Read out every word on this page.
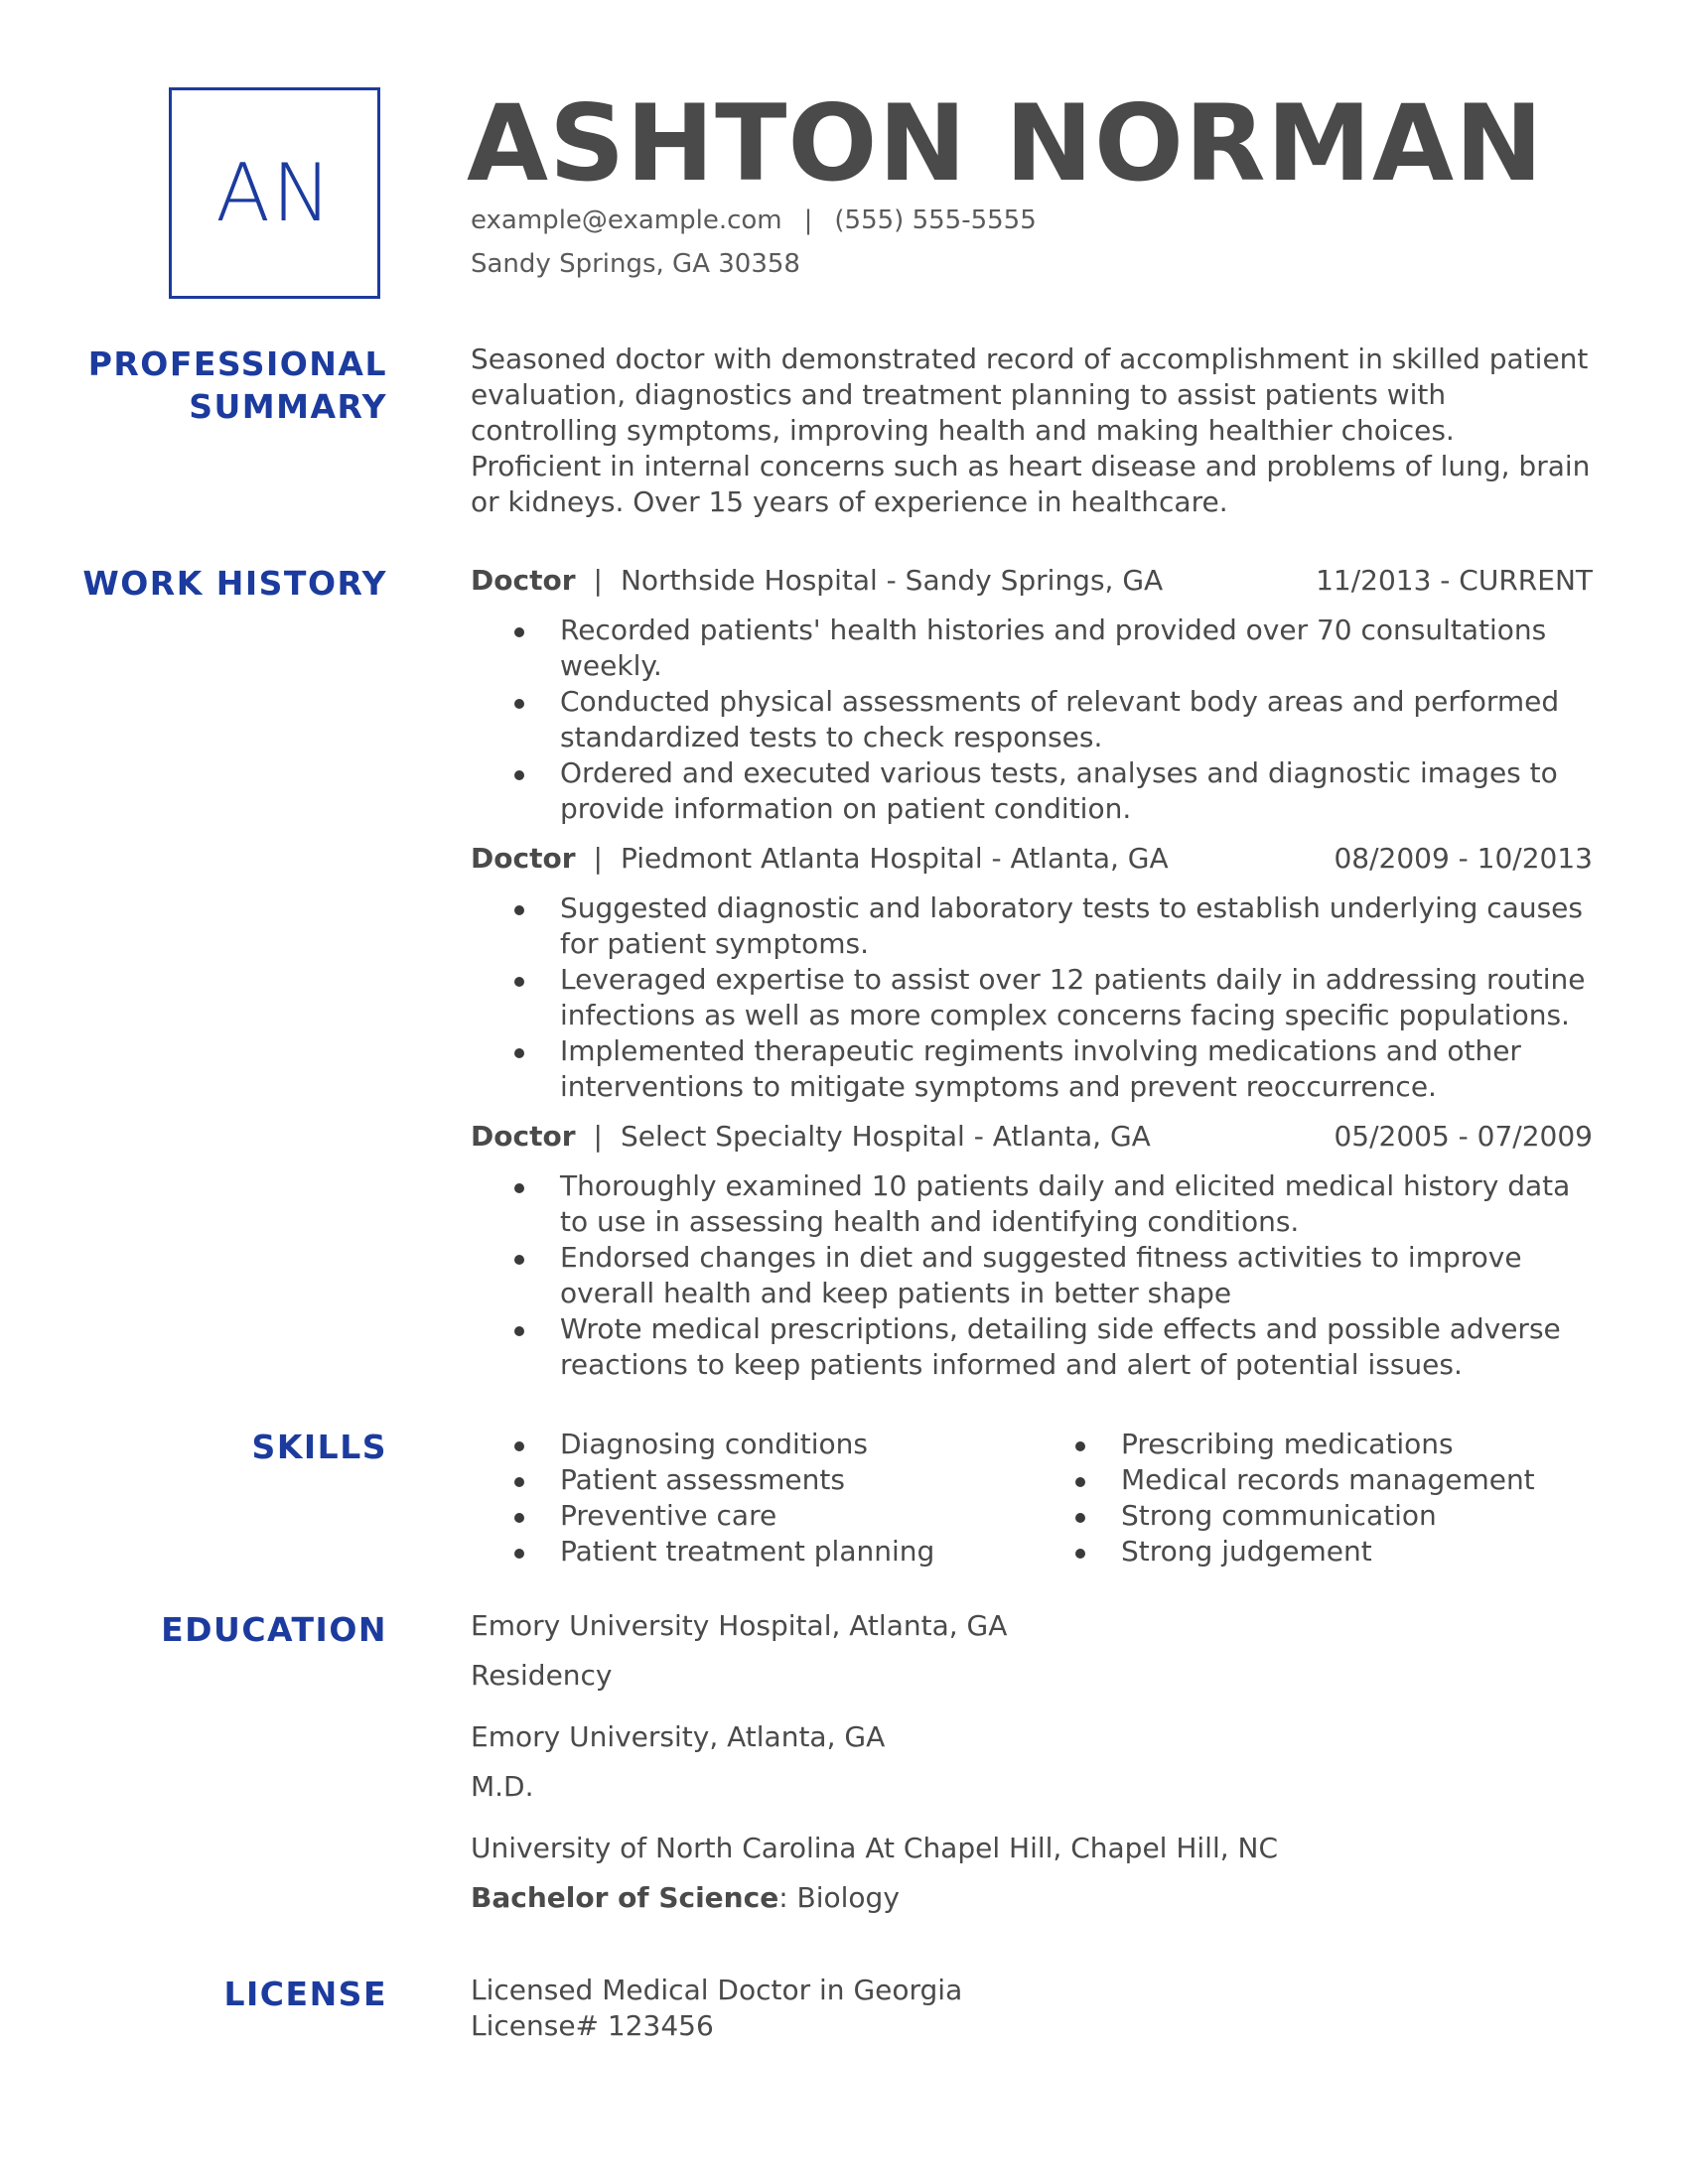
AN ASHTON NORMAN
example@example.com | (555) 555-5555
Sandy Springs, GA 30358
PROFESSIONAL
SUMMARY

Seasoned doctor with demonstrated record of accomplishment in skilled patient evaluation, diagnostics and treatment planning to assist patients with controlling symptoms, improving health and making healthier choices. Proficient in internal concerns such as heart disease and problems of lung, brain or kidneys. Over 15 years of experience in healthcare.

WORK HISTORY	Doctor | Northside Hospital - Sandy Springs, GA	11/2013 - CURRENT
Recorded patients' health histories and provided over 70 consultations weekly.
Conducted physical assessments of relevant body areas and performed standardized tests to check responses.
Ordered and executed various tests, analyses and diagnostic images to provide information on patient condition.
Doctor | Piedmont Atlanta Hospital - Atlanta, GA	08/2009 - 10/2013
Suggested diagnostic and laboratory tests to establish underlying causes for patient symptoms.
Leveraged expertise to assist over 12 patients daily in addressing routine infections as well as more complex concerns facing specific populations.
Implemented therapeutic regiments involving medications and other interventions to mitigate symptoms and prevent reoccurrence.
Doctor | Select Specialty Hospital - Atlanta, GA	05/2005 - 07/2009
Thoroughly examined 10 patients daily and elicited medical history data to use in assessing health and identifying conditions.
Endorsed changes in diet and suggested fitness activities to improve overall health and keep patients in better shape
Wrote medical prescriptions, detailing side effects and possible adverse reactions to keep patients informed and alert of potential issues.
SKILLS	Diagnosing conditions
Patient assessments
Preventive care
Patient treatment planning
Prescribing medications
Medical records management
Strong communication
Strong judgement
EDUCATION	Emory University Hospital, Atlanta, GA
Residency
Emory University, Atlanta, GA
M.D.
University of North Carolina At Chapel Hill, Chapel Hill, NC
Bachelor of Science: Biology
LICENSE	Licensed Medical Doctor in Georgia
License# 123456
